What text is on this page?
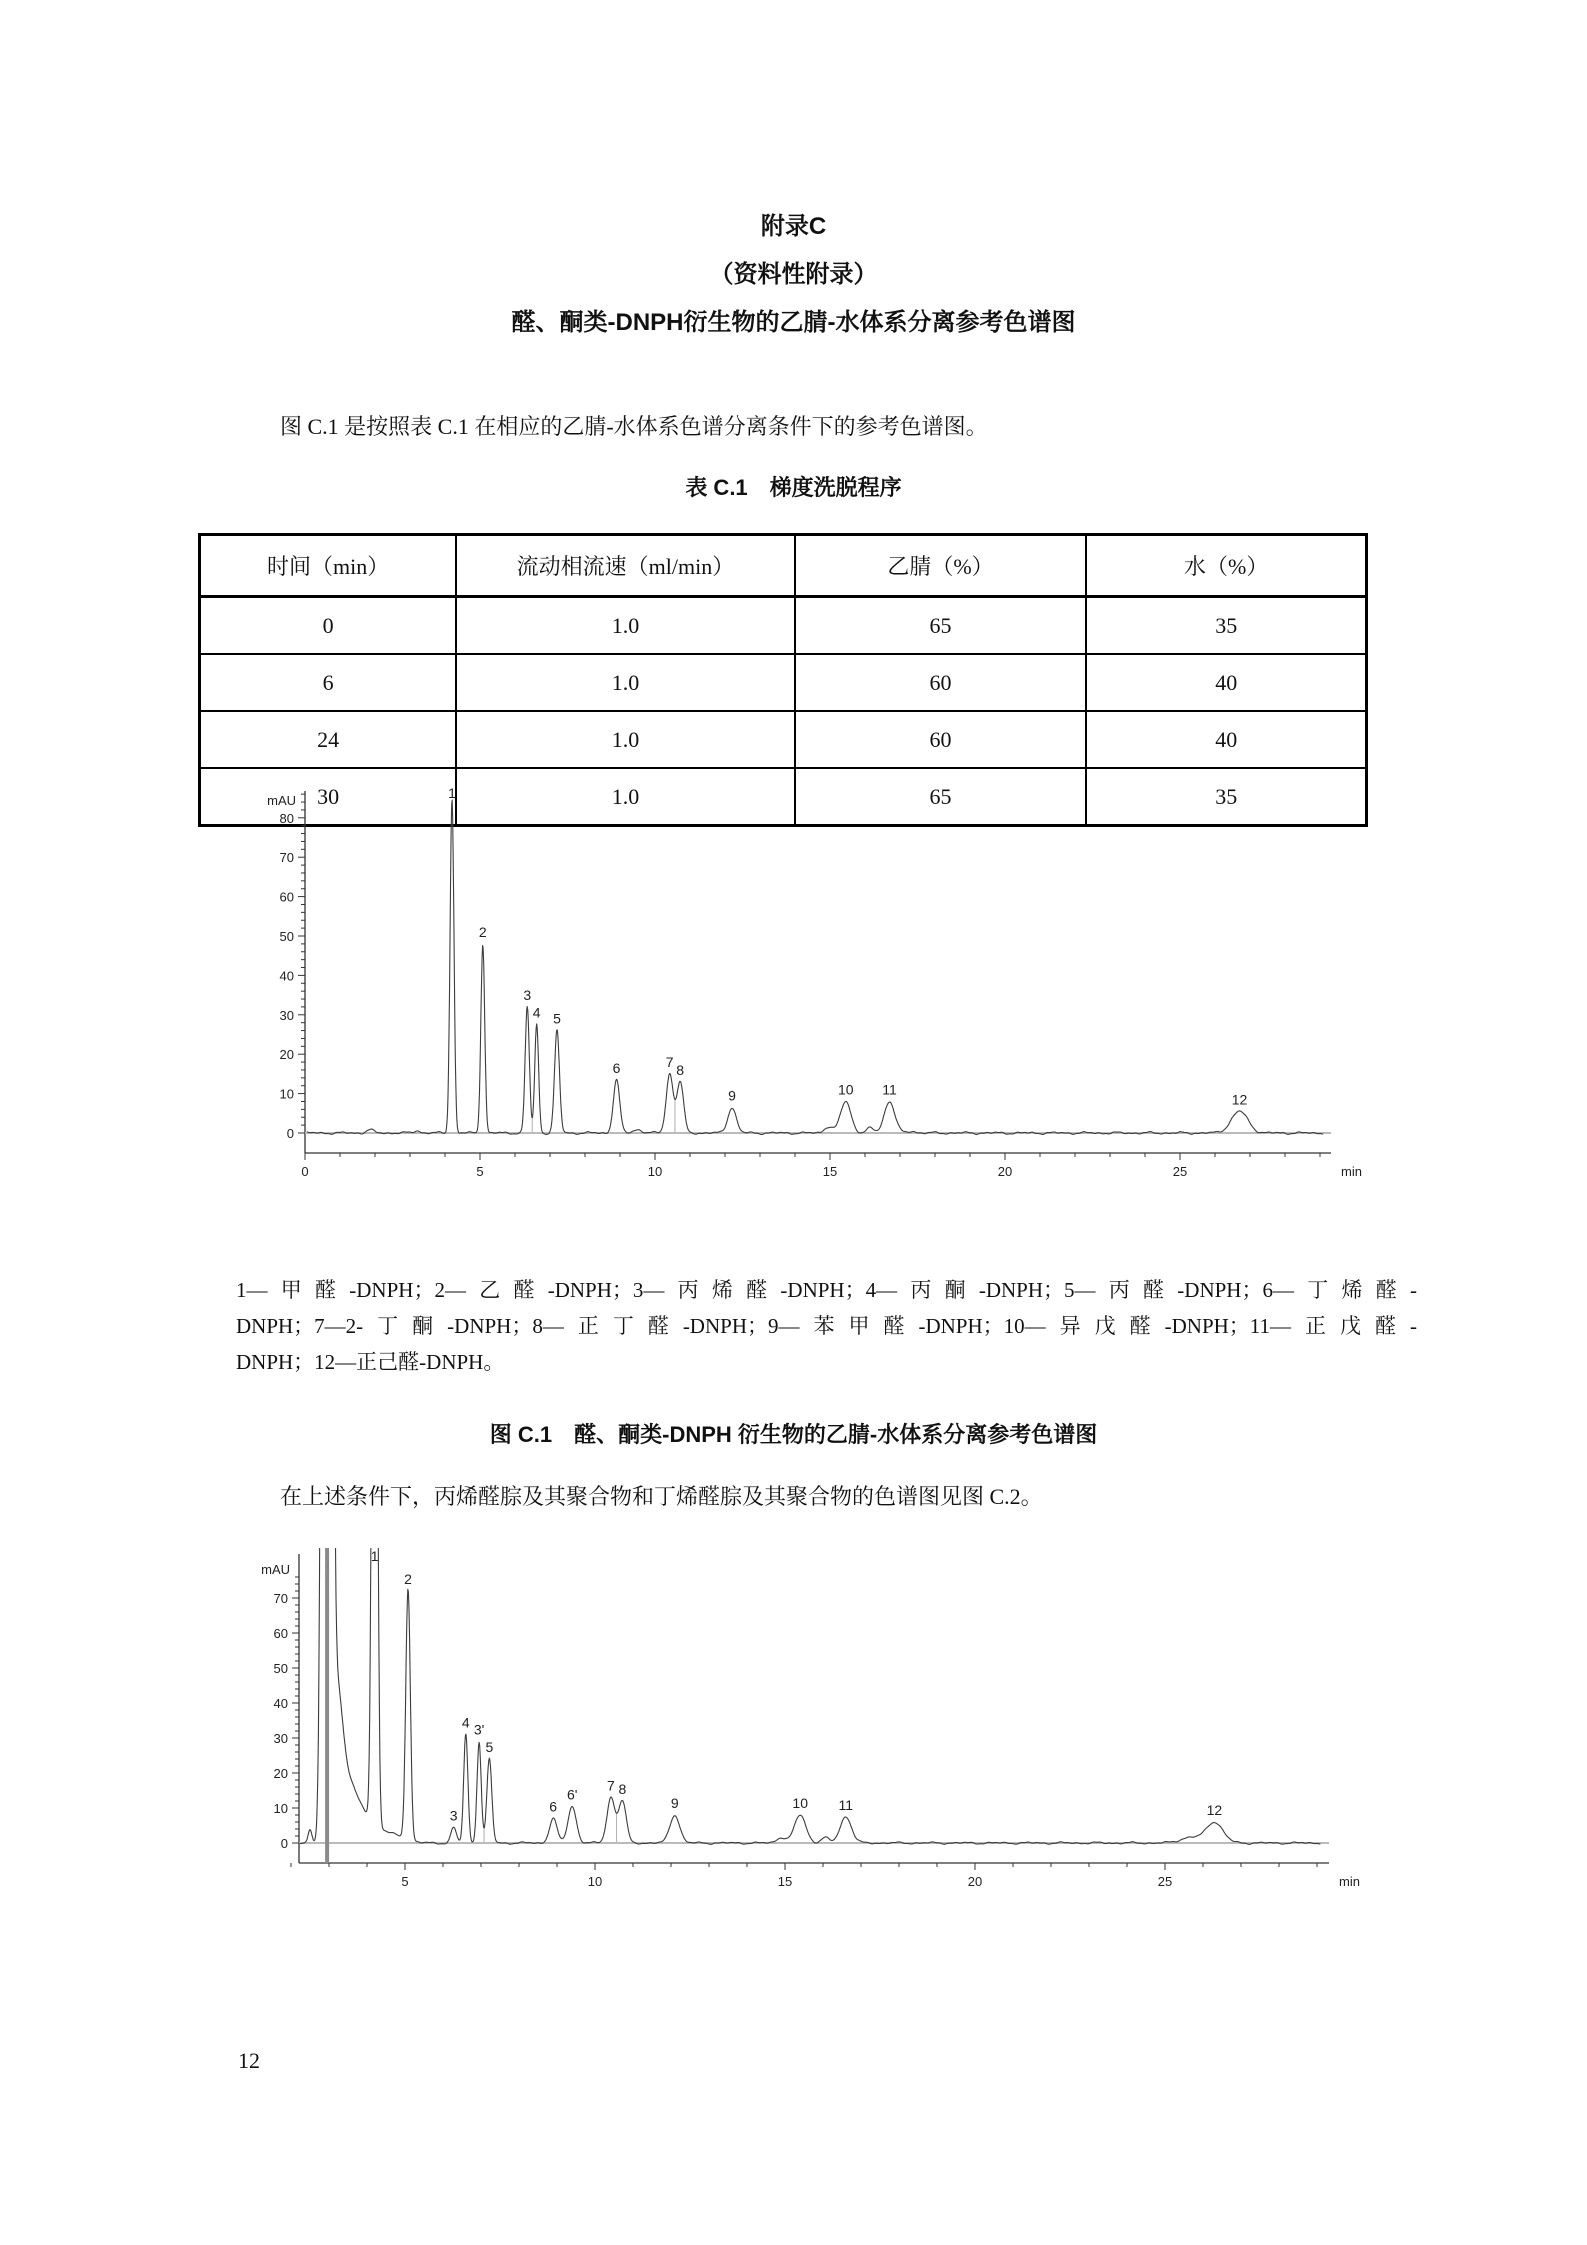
附录C
（资料性附录）
醛、酮类-DNPH衍生物的乙腈-水体系分离参考色谱图
图 C.1 是按照表 C.1 在相应的乙腈-水体系色谱分离条件下的参考色谱图。
表 C.1　梯度洗脱程序
时间（min）	流动相流速（ml/min）	乙腈（%）	水（%）
0	1.0	65	35
6	1.0	60	40
24	1.0	60	40
30	1.0	65	35
0
10
20
30
40
50
60
70
80
0	5	10	15	20	25
mAU
min
1
2
3
4 5
6	7 8
9	10 11
12
1—甲醛-DNPH；2—乙醛-DNPH；3—丙烯醛-DNPH；4—丙酮-DNPH；5—丙醛-DNPH；6—丁烯醛-
DNPH；7—2-丁酮-DNPH；8—正丁醛-DNPH；9—苯甲醛-DNPH；10—异戊醛-DNPH；11—正戊醛-
DNPH；12—正己醛-DNPH。
图 C.1　醛、酮类-DNPH 衍生物的乙腈-水体系分离参考色谱图
在上述条件下，丙烯醛腙及其聚合物和丁烯醛腙及其聚合物的色谱图见图 C.2。
0
10
20
30
40
50
60
70
5	10	15	20	25
mAU
min
1
2
3
4 3'
5
6
6'
7 8
9	10 11	12
12
